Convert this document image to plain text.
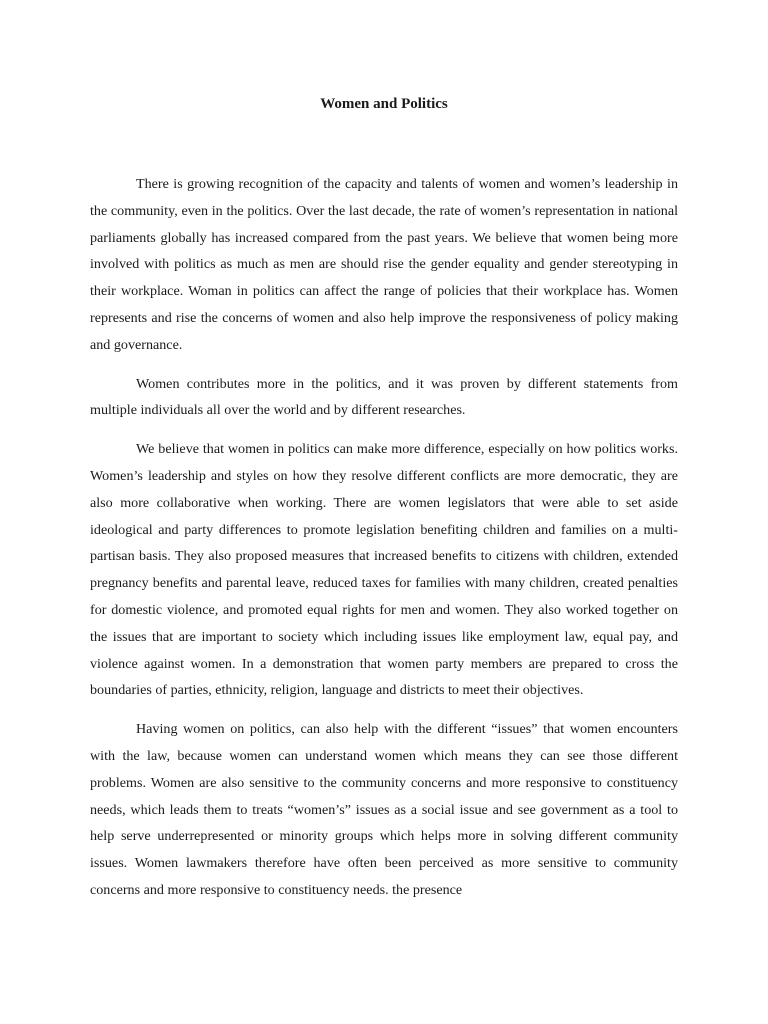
Women and Politics

There is growing recognition of the capacity and talents of women and women’s leadership in the community, even in the politics. Over the last decade, the rate of women’s representation in national parliaments globally has increased compared from the past years. We believe that women being more involved with politics as much as men are should rise the gender equality and gender stereotyping in their workplace. Woman in politics can affect the range of policies that their workplace has. Women represents and rise the concerns of women and also help improve the responsiveness of policy making and governance.

Women contributes more in the politics, and it was proven by different statements from multiple individuals all over the world and by different researches.

We believe that women in politics can make more difference, especially on how politics works. Women’s leadership and styles on how they resolve different conflicts are more democratic, they are also more collaborative when working. There are women legislators that were able to set aside ideological and party differences to promote legislation benefiting children and families on a multi-partisan basis. They also proposed measures that increased benefits to citizens with children, extended pregnancy benefits and parental leave, reduced taxes for families with many children, created penalties for domestic violence, and promoted equal rights for men and women. They also worked together on the issues that are important to society which including issues like employment law, equal pay, and violence against women. In a demonstration that women party members are prepared to cross the boundaries of parties, ethnicity, religion, language and districts to meet their objectives.

Having women on politics, can also help with the different “issues” that women encounters with the law, because women can understand women which means they can see those different problems. Women are also sensitive to the community concerns and more responsive to constituency needs, which leads them to treats “women’s” issues as a social issue and see government as a tool to help serve underrepresented or minority groups which helps more in solving different community issues. Women lawmakers therefore have often been perceived as more sensitive to community concerns and more responsive to constituency needs. the presence
